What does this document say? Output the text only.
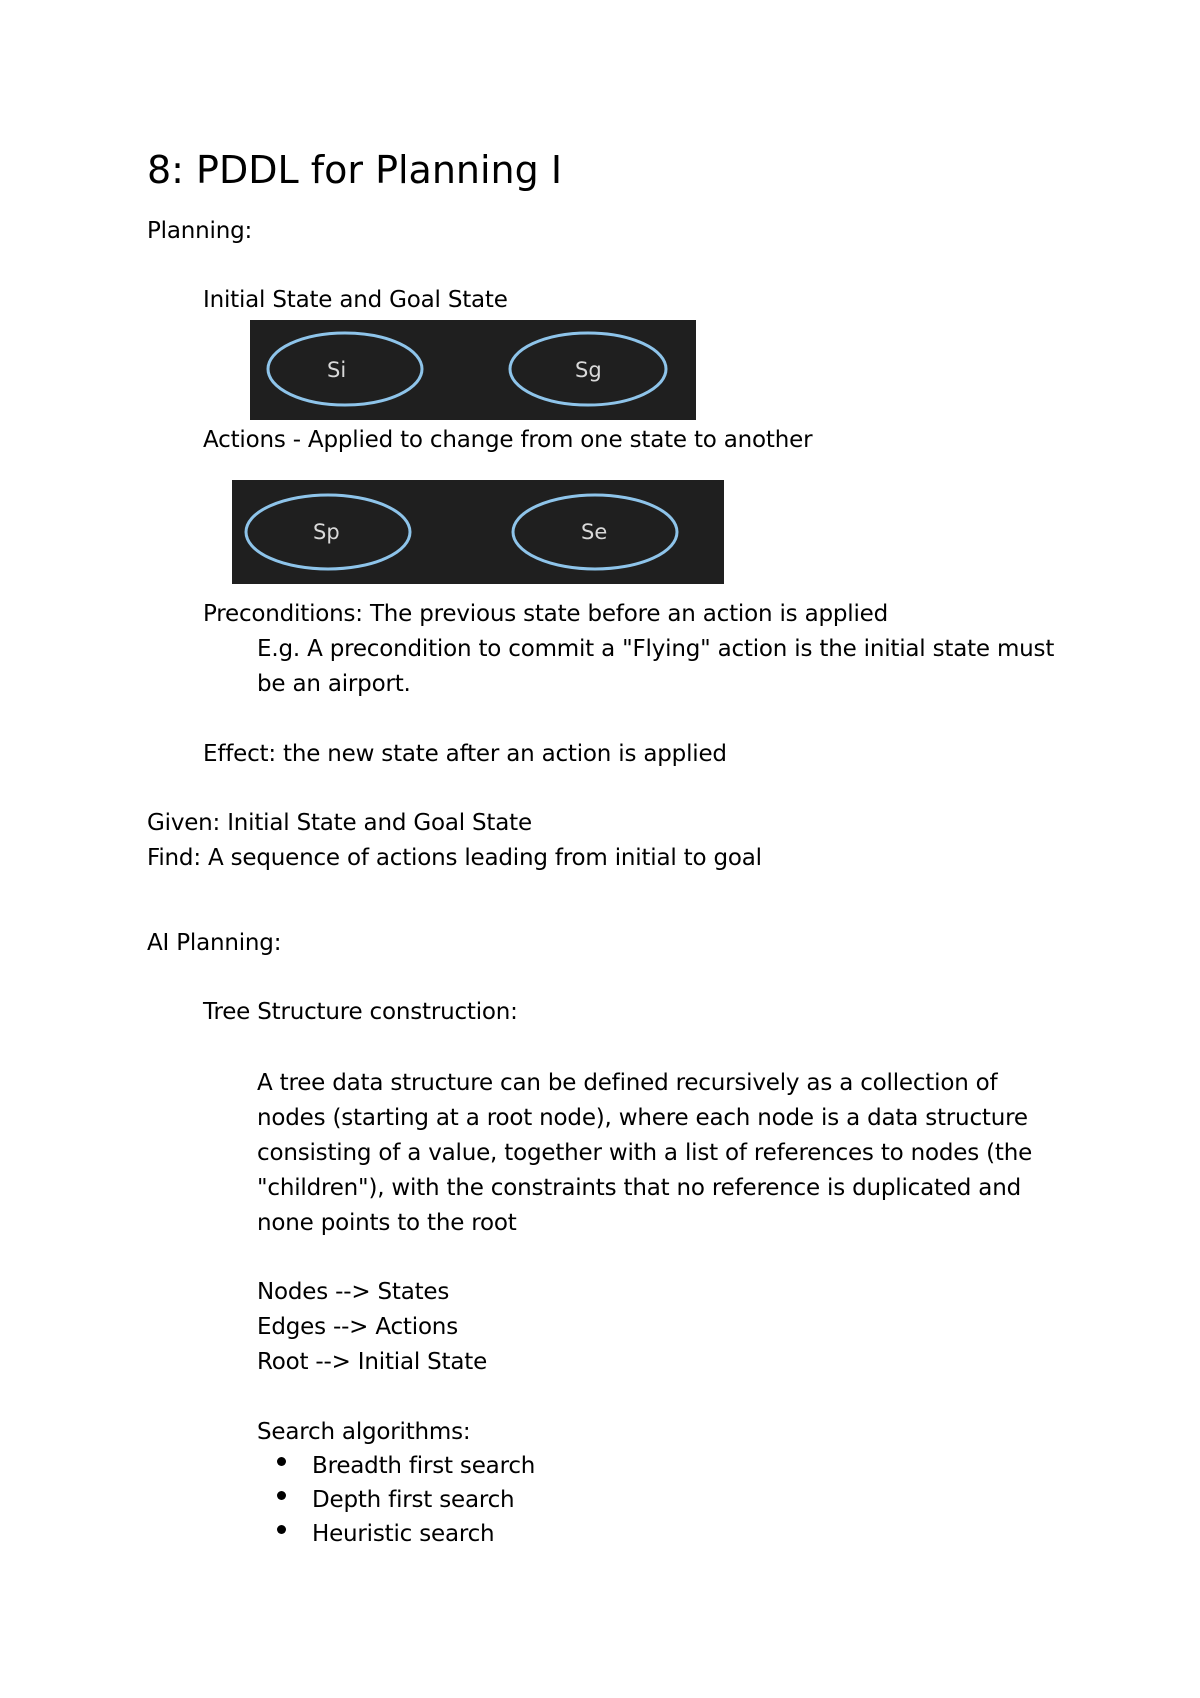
8: PDDL for Planning I
Planning:
Initial State and Goal State
Si	Sg
Actions - Applied to change from one state to another
Sp	Se
Preconditions: The previous state before an action is applied
E.g. A precondition to commit a "Flying" action is the initial state must
be an airport.
Effect: the new state after an action is applied
Given: Initial State and Goal State
Find: A sequence of actions leading from initial to goal
AI Planning:
Tree Structure construction:
A tree data structure can be defined recursively as a collection of
nodes (starting at a root node), where each node is a data structure
consisting of a value, together with a list of references to nodes (the
"children"), with the constraints that no reference is duplicated and
none points to the root
Nodes --> States
Edges --> Actions
Root --> Initial State
Search algorithms:
Breadth first search
Depth first search
Heuristic search
